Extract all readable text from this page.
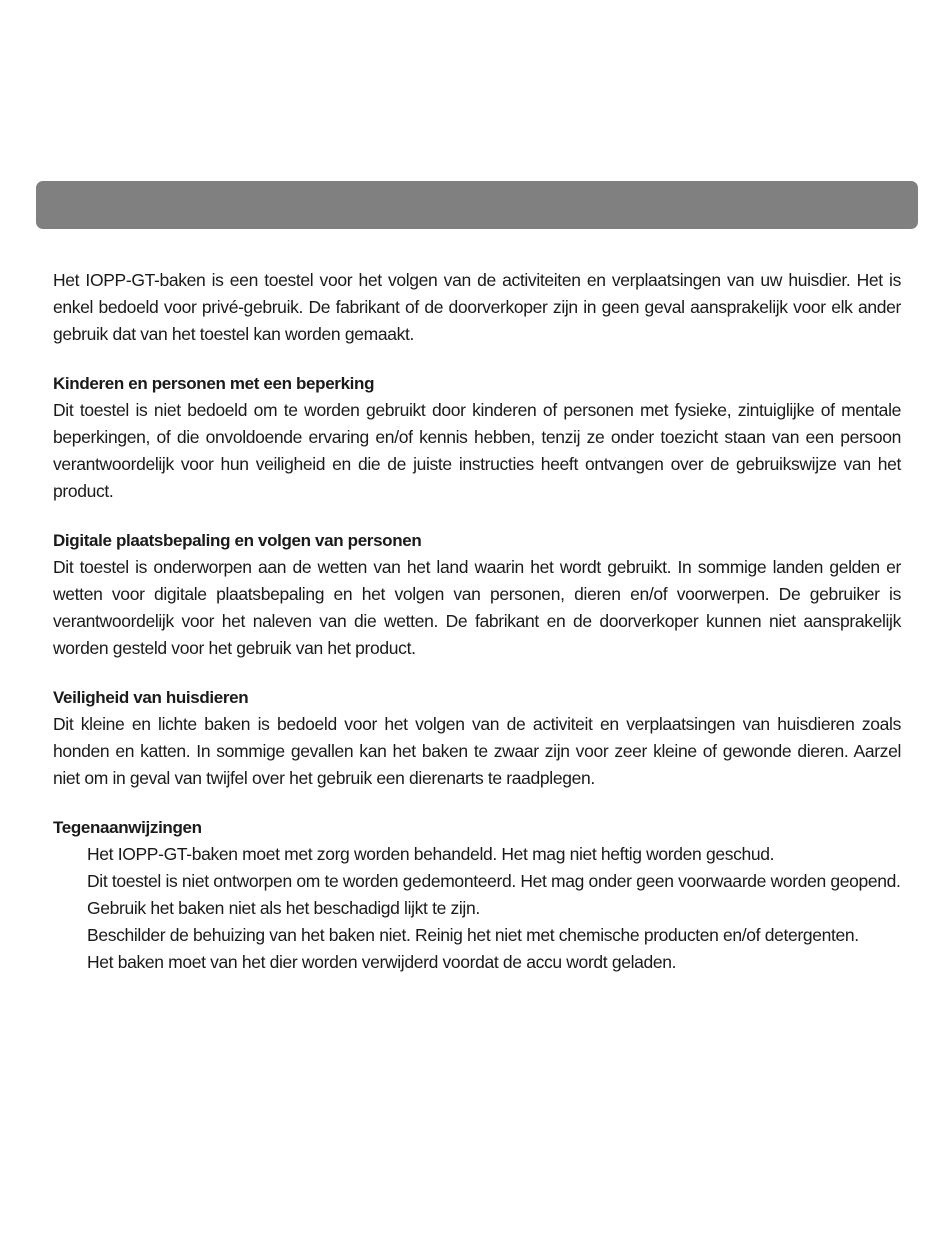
Het IOPP-GT-baken is een toestel voor het volgen van de activiteiten en verplaatsingen van uw huisdier. Het is enkel bedoeld voor privé-gebruik. De fabrikant of de doorverkoper zijn in geen geval aansprakelijk voor elk ander gebruik dat van het toestel kan worden gemaakt.

Kinderen en personen met een beperking

Dit toestel is niet bedoeld om te worden gebruikt door kinderen of personen met fysieke, zintuiglijke of mentale beperkingen, of die onvoldoende ervaring en/of kennis hebben, tenzij ze onder toezicht staan van een persoon verantwoordelijk voor hun veiligheid en die de juiste instructies heeft ontvangen over de gebruikswijze van het product.

Digitale plaatsbepaling en volgen van personen

Dit toestel is onderworpen aan de wetten van het land waarin het wordt gebruikt. In sommige landen gelden er wetten voor digitale plaatsbepaling en het volgen van personen, dieren en/of voorwerpen. De gebruiker is verantwoordelijk voor het naleven van die wetten. De fabrikant en de doorverkoper kunnen niet aansprakelijk worden gesteld voor het gebruik van het product.

Veiligheid van huisdieren

Dit kleine en lichte baken is bedoeld voor het volgen van de activiteit en verplaatsingen van huisdieren zoals honden en katten. In sommige gevallen kan het baken te zwaar zijn voor zeer kleine of gewonde dieren. Aarzel niet om in geval van twijfel over het gebruik een dierenarts te raadplegen.

Tegenaanwijzingen

Het IOPP-GT-baken moet met zorg worden behandeld. Het mag niet heftig worden geschud.
Dit toestel is niet ontworpen om te worden gedemonteerd. Het mag onder geen voorwaarde worden geopend.
Gebruik het baken niet als het beschadigd lijkt te zijn.
Beschilder de behuizing van het baken niet. Reinig het niet met chemische producten en/of detergenten.
Het baken moet van het dier worden verwijderd voordat de accu wordt geladen.
